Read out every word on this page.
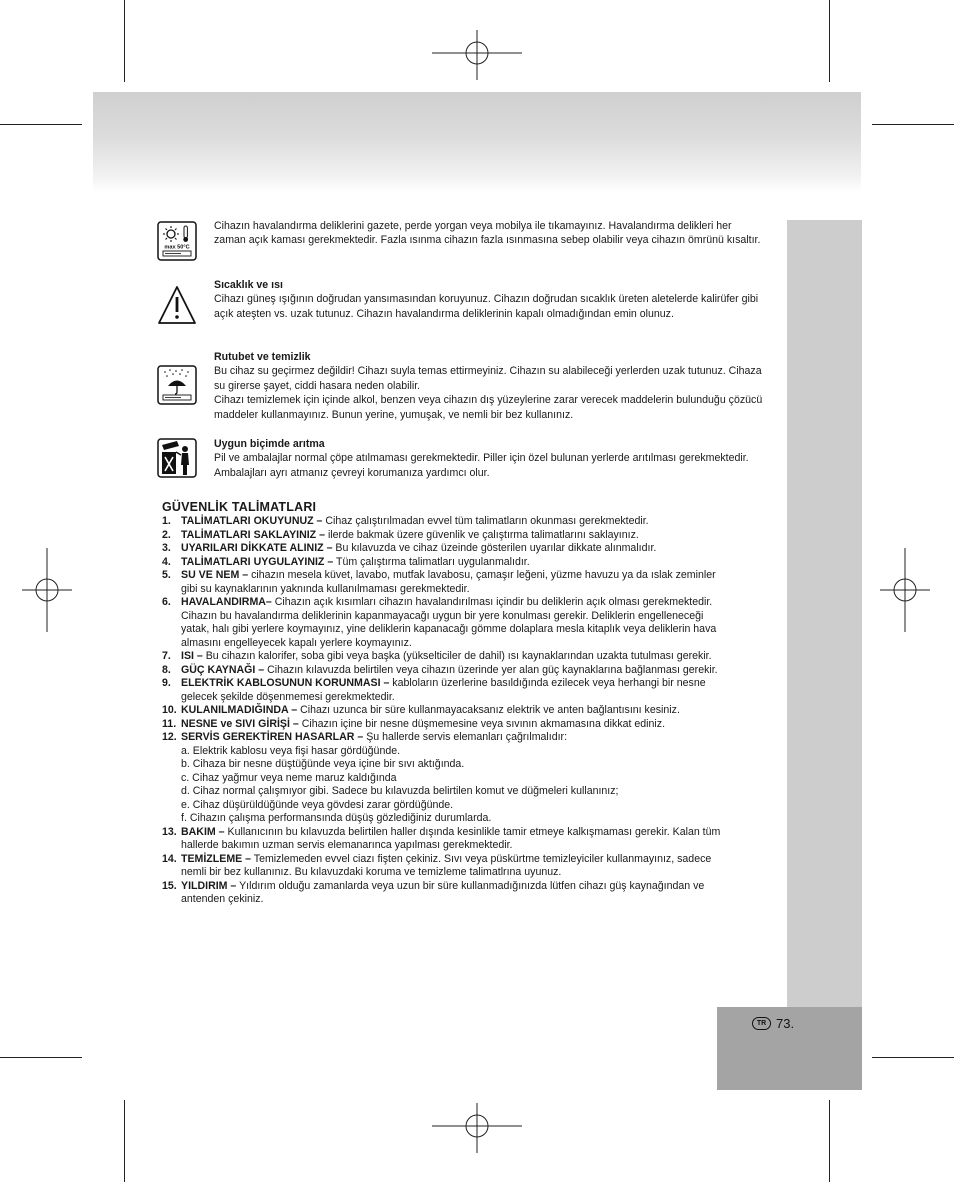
TR 73.
max 50°C
Cihazın havalandırma deliklerini gazete, perde yorgan veya mobilya ile tıkamayınız. Havalandırma delikleri her zaman açık kaması gerekmektedir. Fazla ısınma cihazın fazla ısınmasına sebep olabilir veya cihazın ömrünü kısaltır.
Sıcaklık ve ısı
Cihazı güneş ışığının doğrudan yansımasından koruyunuz. Cihazın doğrudan sıcaklık üreten aletelerde kalirüfer gibi açık ateşten vs. uzak tutunuz. Cihazın havalandırma deliklerinin kapalı olmadığından emin olunuz.
Rutubet ve temizlik
Bu cihaz su geçirmez değildir! Cihazı suyla temas ettirmeyiniz. Cihazın su alabileceği yerlerden uzak tutunuz. Cihaza su girerse şayet, ciddi hasara neden olabilir.
Cihazı temizlemek için içinde alkol, benzen veya cihazın dış yüzeylerine zarar verecek maddelerin bulunduğu çözücü maddeler kullanmayınız. Bunun yerine, yumuşak, ve nemli bir bez kullanınız.
Uygun biçimde arıtma
Pil ve ambalajlar normal çöpe atılmaması gerekmektedir. Piller için özel bulunan yerlerde arıtılması gerekmektedir. Ambalajları ayrı atmanız çevreyi korumanıza yardımcı olur.
GÜVENLİK TALİMATLARI
1. TALİMATLARI OKUYUNUZ – Cihaz çalıştırılmadan evvel tüm talimatların okunması gerekmektedir.
2. TALİMATLARI SAKLAYINIZ – ilerde bakmak üzere güvenlik ve çalıştırma talimatlarını saklayınız.
3. UYARILARI DİKKATE ALINIZ – Bu kılavuzda ve cihaz üzeinde gösterilen uyarılar dikkate alınmalıdır.
4. TALİMATLARI UYGULAYINIZ – Tüm çalıştırma talimatları uygulanmalıdır.
5. SU VE NEM – cihazın mesela küvet, lavabo, mutfak lavabosu, çamaşır leğeni, yüzme havuzu ya da ıslak zeminler gibi su kaynaklarının yaknında kullanılmaması gerekmektedir.
6. HAVALANDIRMA– Cihazın açık kısımları cihazın havalandırılması içindir bu deliklerin açık olması gerekmektedir. Cihazın bu havalandırma deliklerinin kapanmayacağı uygun bir yere konulması gerekir. Deliklerin engelleneceği yatak, halı gibi yerlere koymayınız, yine deliklerin kapanacağı gömme dolaplara mesla kitaplık veya deliklerin hava almasını engelleyecek kapalı yerlere koymayınız.
7. ISI – Bu cihazın kalorifer, soba gibi veya başka (yükselticiler de dahil) ısı kaynaklarından uzakta tutulması gerekir.
8. GÜÇ KAYNAĞI – Cihazın kılavuzda belirtilen veya cihazın üzerinde yer alan güç kaynaklarına bağlanması gerekir.
9. ELEKTRİK KABLOSUNUN KORUNMASI – kabloların üzerlerine basıldığında ezilecek veya herhangi bir nesne gelecek şekilde döşenmemesi gerekmektedir.
10. KULANILMADIĞINDA – Cihazı uzunca bir süre kullanmayacaksanız elektrik ve anten bağlantısını kesiniz.
11. NESNE ve SIVI GİRİŞİ – Cihazın içine bir nesne düşmemesine veya sıvının akmamasına dikkat ediniz.
12. SERVİS GEREKTİREN HASARLAR – Şu hallerde servis elemanları çağrılmalıdır:
a. Elektrik kablosu veya fişi hasar gördüğünde.
b. Cihaza bir nesne düştüğünde veya içine bir sıvı aktığında.
c. Cihaz yağmur veya neme maruz kaldığında
d. Cihaz normal çalışmıyor gibi. Sadece bu kılavuzda belirtilen komut ve düğmeleri kullanınız;
e. Cihaz düşürüldüğünde veya gövdesi zarar gördüğünde.
f. Cihazın çalışma performansında düşüş gözlediğiniz durumlarda.
13. BAKIM – Kullanıcının bu kılavuzda belirtilen haller dışında kesinlikle tamir etmeye kalkışmaması gerekir. Kalan tüm hallerde bakımın uzman servis elemanarınca yapılması gerekmektedir.
14. TEMİZLEME – Temizlemeden evvel ciazı fişten çekiniz. Sıvı veya püskürtme temizleyiciler kullanmayınız, sadece nemli bir bez kullanınız. Bu kılavuzdaki koruma ve temizleme talimatlrına uyunuz.
15. YILDIRIM – Yıldırım olduğu zamanlarda veya uzun bir süre kullanmadığınızda lütfen cihazı güş kaynağından ve antenden çekiniz.
